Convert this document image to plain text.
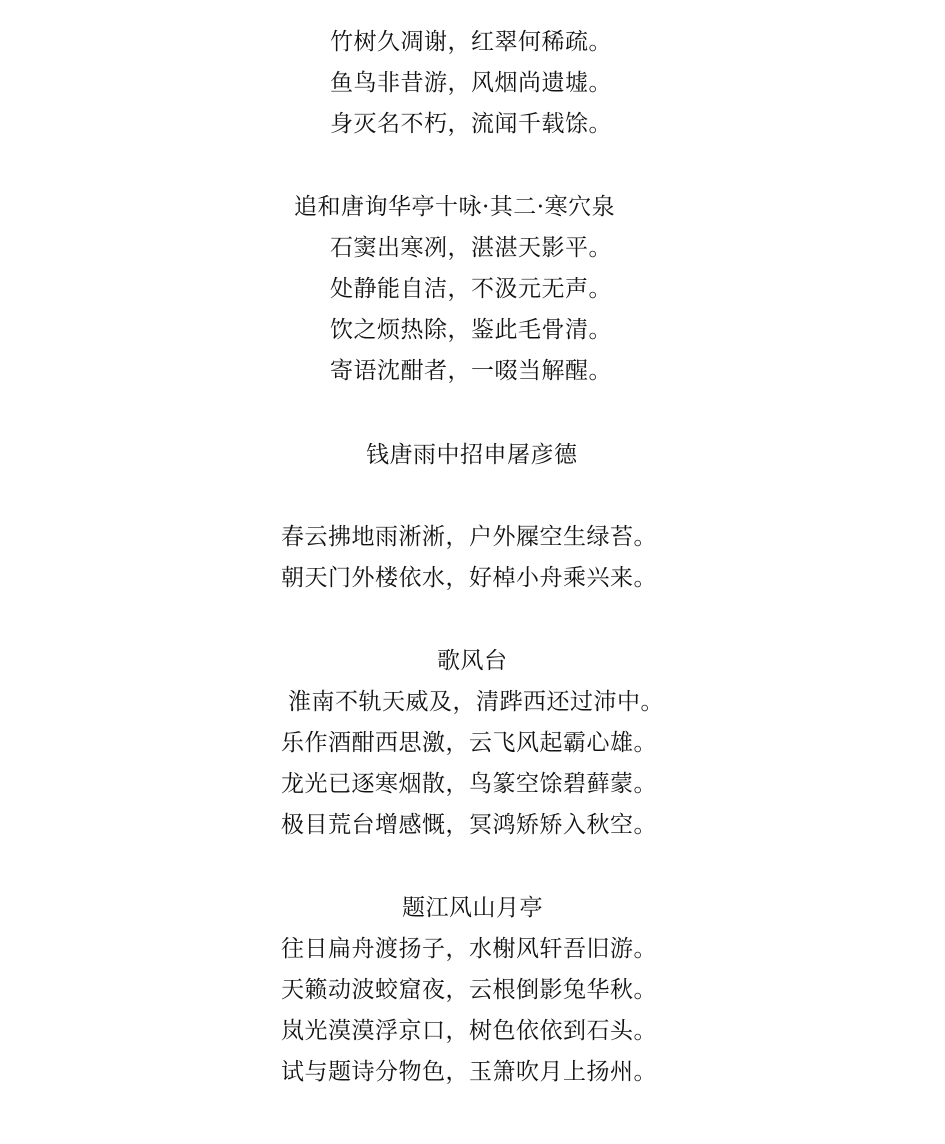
竹树久凋谢，红翠何稀疏。
鱼鸟非昔游，风烟尚遗墟。
身灭名不朽，流闻千载馀。
追和唐询华亭十咏·其二·寒穴泉
石窦出寒冽，湛湛天影平。
处静能自洁，不汲元无声。
饮之烦热除，鉴此毛骨清。
寄语沈酣者，一啜当解醒。
钱唐雨中招申屠彦德
春云拂地雨淅淅，户外屧空生绿苔。
朝天门外楼依水，好棹小舟乘兴来。
歌风台
淮南不轨天威及，清跸西还过沛中。
乐作酒酣西思激，云飞风起霸心雄。
龙光已逐寒烟散，鸟篆空馀碧藓蒙。
极目荒台增感慨，冥鸿矫矫入秋空。
题江风山月亭
往日扁舟渡扬子，水榭风轩吾旧游。
天籁动波蛟窟夜，云根倒影兔华秋。
岚光漠漠浮京口，树色依依到石头。
试与题诗分物色，玉箫吹月上扬州。
